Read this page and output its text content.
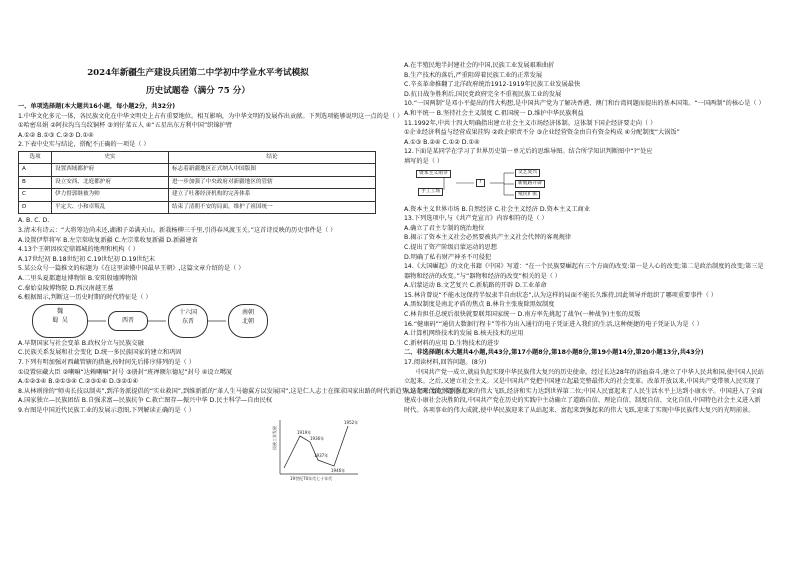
2024年新疆生产建设兵团第二中学初中学业水平考试模拟
历史试题卷（满分 75 分）
一、单项选择题(本大题共16小题，每小题2分，共32分)
1.中华文化多元一体，各民族文化在中华文明史上占有重要地位。相互影响，为中华文明的发展作出贡献。下列选项能够说明这一点的是（ ）
①哈密帛娟 ②阿拉沟乌乌纹铜杯 ③刘仔菜五人 ④“五星出东方利中国”织锦护臂
A.①② B.①③ C.②③ D.①④
2.下表中史实与结论，搭配不正确的一项是（ ）
选项	史实	结论
A	设置西域都护府	标志着新疆地区正式纳入中国版图
B	设立安西、北庭都护府	进一步加强了中央政府对新疆地区的管辖
C	伊力督郭继被为帅	建立了吐蕃经济机构的完善体系
D	平定大、小和卓叛乱	结束了清朝不安的局面，维护了祖国统一
A. B. C. D.
3.清末有诗云：“大将筹边尚未还,湖湘子弟满天山。新栽杨柳三千里,引得春风渡玉关。”这首诗反映的历史事件是（ ）
A.设置伊犁将军 B.左宗棠收复新疆 C.左宗棠收复新疆 D.新疆建省
4.13个王朝因疾定鼎都城的地理和机构（ ）
A.17世纪初 B.18世纪初 C.19世纪初 D.19世纪末
5.某公众号一篇推文的标题为《在这里读懂中国最早王朝》,这篇文章介绍的是（ ）
A.二里头夏都遗址博物馆 B.安阳殷墟博物馆
C.秦始皇陵博物院 D.西汉南越王墓
6.根据图示,判断这一历史时期的时代特征是（ ）
魏
蜀 吴	西晋
十六国
东晋
南朝
北朝
A.早期国家与社会变革 B.政权分立与民族交融
C.民族关系发展和社会变化 D.统一多民族国家的建立和巩固
7.下列有明加强对西藏管辖的措施,按时间先后排序排列的是（ ）
①设置驻藏大臣 ②喇嘛“达赖喇嘛”封号 ③册封“班禅额尔德尼”封号 ④设立噶厦
A.①②③④ B.②①③④ C.②③①④ D.③②①④
8.从林则徐的“师夷长技以制夷”,到洋务派提倡的“实业救国”,到维新派的“革人生马德翼方以发展国”,这是仁人志士在探求国家出路的时代新趋势,这个时代的主题是（ ）
A.国家独立—民族团结 B.自强求富—民族抗争 C.救亡图存—振兴中华 D.民主科学—自由民权
9.右图是中国近代民族工业的发展示意图,下列解读正确的是（ ）
1919年
1936年
1937年
1946年
1952年
民族工业发展
19世纪70年代七十年代
A.在半殖民地半封建社会的中国,民族工业发展艰难曲折
B.生产技术的落后,严重阻碍着民族工业的正常发展
C.辛亥革命推翻了北洋政府统治1912-1919年民族工业发展最快
D.抗日战争胜利后,国民党政府完全不重视民族工业的发展
10.“一国两制”是邓小平提出的伟大构想,是中国共产党为了解决香港、澳门和台湾问题而提出的基本国策。“一国两制”的核心是（ ）
A.和平统一 B.坚持社会主义制度 C.祖国统一 D.维护中华民族利益
11.1992年,中共十四大明确指出建立社会主义市场经济体制。这体制下国企经济要走向（ ）
①企业经济利益与经营成果挂钩 ②政企职责不分 ③企业经营资金由自有资金构成 ④分配制度“大锅饭”
A.①③ B.②④ C.①② D.①④
12.下面是某同学在学习了世界历史第一单元后的思维导图。结合所学知识判断图中“?”处应
填写的是（ ）
资本主义萌芽
手工工场
?
文艺复兴
新航路开辟
殖民扩张
A.资本主义世界市场 B.自然经济 C.社会主义经济 D.资本主义工商业
13.下列选项中,与《共产党宣言》内容相符的是（ ）
A.确立了君主专制的统治地位
B.揭示了资本主义社会必然要被共产主义社会代替的客观规律
C.提出了资产阶级启蒙运动的思想
D.明确了私有财产神圣不可侵犯
14.《大国崛起》的文化书籍《中国》写道：“在一个民族要崛起有三个方面的改变:第一是人心的改变;第二是政治制度的改变;第三是器物和经济的改变。”与“器物和经济的改变”相关的是（ ）
A.启蒙运动 B.文艺复兴 C.新航路的开辟 D.工业革命
15.林肯曾说“不能永远保持半奴隶半自由状态”,认为这样的局面不能长久维持,因此领导并组织了哪项重要事件（ ）
A.黑奴制度是南北矛盾的焦点 B.林肯主张废除黑奴制度
C.林肯担任总统后很快就要联邦国家统一 D.南方率先挑起了战争(一种战争)主张的反叛
16.“健康码”“通信大数据行程卡”等作为出入通行的电子凭证进入我们的生活,这种便捷的电子凭证认为是（ ）
A.计算机网络技术的发展 B.核天技术的应用
C.新材料的应用 D.生物技术的进步
二、非选择题(本大题共4小题,共43分,第17小题8分,第18小题8分,第19小题14分,第20小题13分,共43分)
17.阅读材料,回答问题。(8分)
中国共产党一成立,就肩负起实现中华民族伟大复兴的历史使命。经过长达28年的浴血奋斗,建立了中华人民共和国,使中国人民站立起来。之后,又建立社会主义。又是中国共产党把中国建立起最完整最伟大的社会变革。改革开放以来,中国共产党带领人民实现了从站起来,富起来到强起来的伟大飞跃,经济和实力达到世界第二位;中国人民富起来了人民生活水平上达到小康水平。中国进入了全面建成小康社会决胜阶段,中国共产党在历史的实践中主动确立了道路自信、理论自信、制度自信、文化自信,中国特色社会主义进入新时代。各项事业的伟大成就,使中华民族迎来了从站起来、富起来到强起来的伟大飞跃,迎来了实现中华民族伟大复兴的光明前景。
